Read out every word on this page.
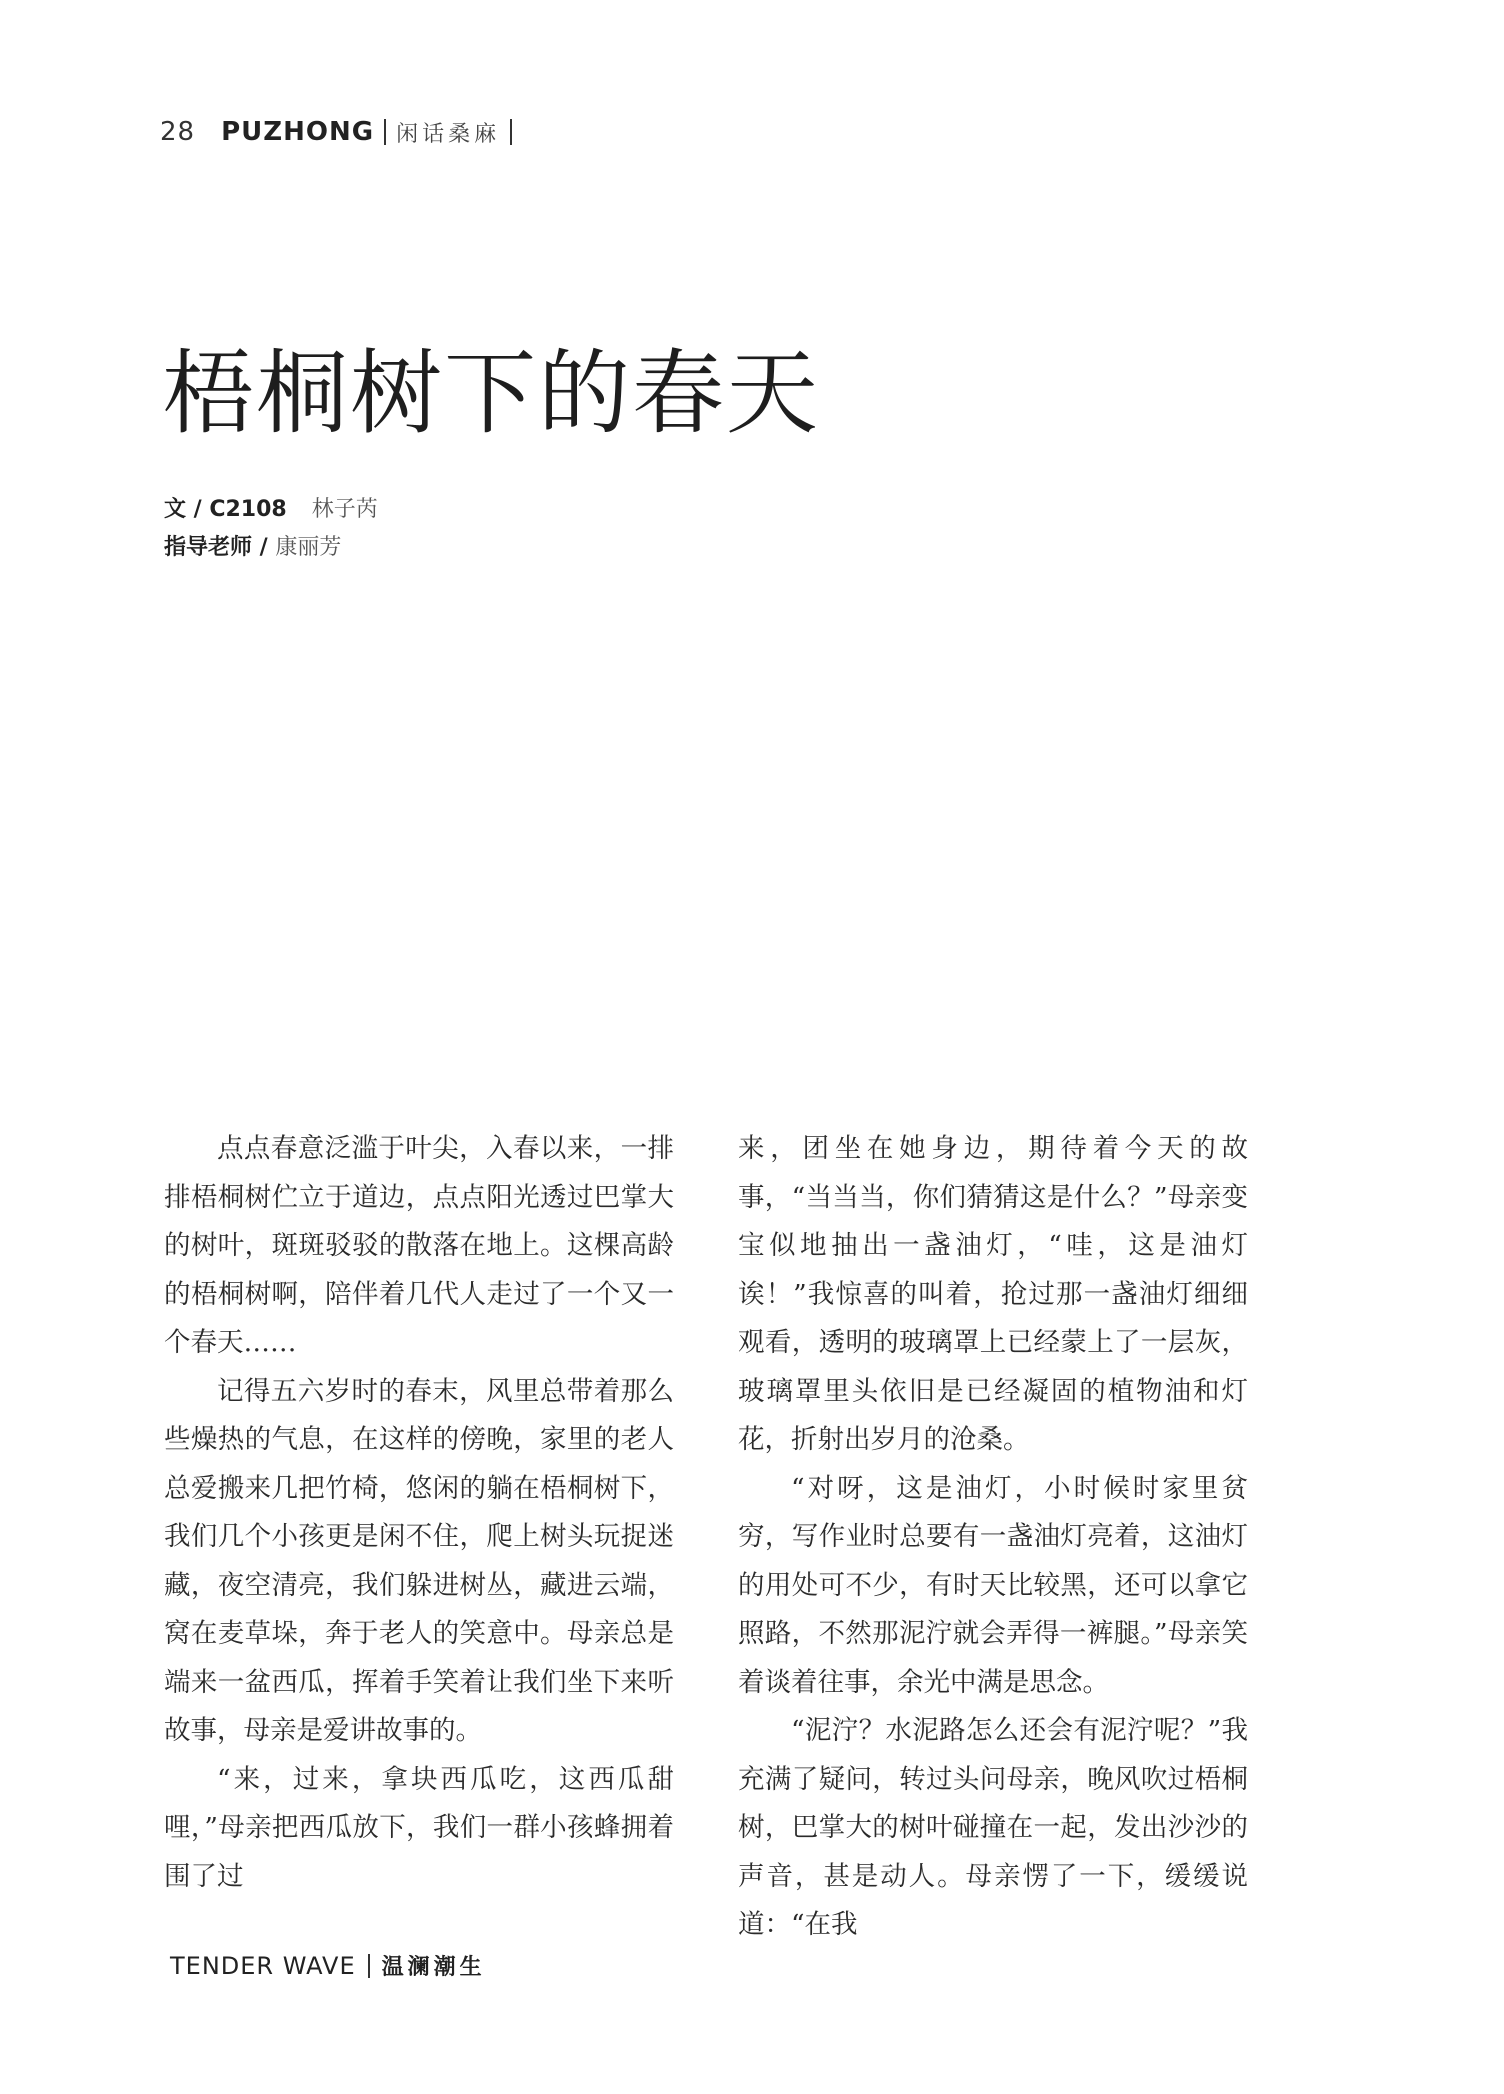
28 PUZHONG 闲话桑麻
梧桐树下的春天
文 / C2108 林子芮
指导老师 / 康丽芳

点点春意泛滥于叶尖，入春以来，一排排梧桐树伫立于道边，点点阳光透过巴掌大的树叶，斑斑驳驳的散落在地上。这棵高龄的梧桐树啊，陪伴着几代人走过了一个又一个春天……

记得五六岁时的春末，风里总带着那么些燥热的气息，在这样的傍晚，家里的老人总爱搬来几把竹椅，悠闲的躺在梧桐树下，我们几个小孩更是闲不住，爬上树头玩捉迷藏，夜空清亮，我们躲进树丛，藏进云端，窝在麦草垛，奔于老人的笑意中。母亲总是端来一盆西瓜，挥着手笑着让我们坐下来听故事，母亲是爱讲故事的。

“来，过来，拿块西瓜吃，这西瓜甜哩，”母亲把西瓜放下，我们一群小孩蜂拥着围了过

来，团坐在她身边，期待着今天的故事，“当当当，你们猜猜这是什么？”母亲变宝似地抽出一盏油灯，“哇，这是油灯诶！”我惊喜的叫着，抢过那一盏油灯细细观看，透明的玻璃罩上已经蒙上了一层灰，玻璃罩里头依旧是已经凝固的植物油和灯花，折射出岁月的沧桑。

“对呀，这是油灯，小时候时家里贫穷，写作业时总要有一盏油灯亮着，这油灯的用处可不少，有时天比较黑，还可以拿它照路，不然那泥泞就会弄得一裤腿。”母亲笑着谈着往事，余光中满是思念。

“泥泞？水泥路怎么还会有泥泞呢？”我充满了疑问，转过头问母亲，晚风吹过梧桐树，巴掌大的树叶碰撞在一起，发出沙沙的声音，甚是动人。母亲愣了一下，缓缓说道：“在我

TENDER WAVE 温澜潮生
